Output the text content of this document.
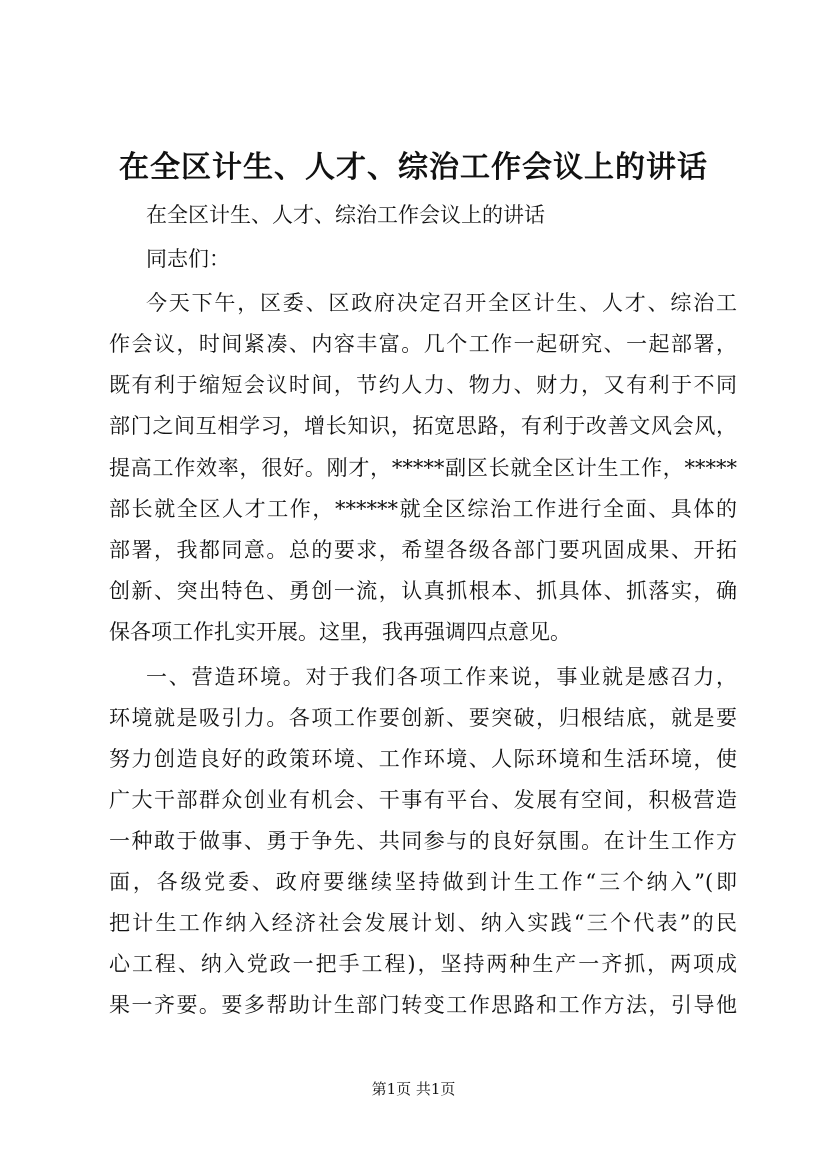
在全区计生、人才、综治工作会议上的讲话

在全区计生、人才、综治工作会议上的讲话

同志们：

今天下午，区委、区政府决定召开全区计生、人才、综治工

作会议，时间紧凑、内容丰富。几个工作一起研究、一起部署，

既有利于缩短会议时间，节约人力、物力、财力，又有利于不同

部门之间互相学习，增长知识，拓宽思路，有利于改善文风会风，

提高工作效率，很好。刚才，*****副区长就全区计生工作，*****

部长就全区人才工作，******就全区综治工作进行全面、具体的

部署，我都同意。总的要求，希望各级各部门要巩固成果、开拓

创新、突出特色、勇创一流，认真抓根本、抓具体、抓落实，确

保各项工作扎实开展。这里，我再强调四点意见。

一、营造环境。对于我们各项工作来说，事业就是感召力，

环境就是吸引力。各项工作要创新、要突破，归根结底，就是要

努力创造良好的政策环境、工作环境、人际环境和生活环境，使

广大干部群众创业有机会、干事有平台、发展有空间，积极营造

一种敢于做事、勇于争先、共同参与的良好氛围。在计生工作方

面，各级党委、政府要继续坚持做到计生工作“三个纳入”(即

把计生工作纳入经济社会发展计划、纳入实践“三个代表”的民

心工程、纳入党政一把手工程)，坚持两种生产一齐抓，两项成

果一齐要。要多帮助计生部门转变工作思路和工作方法，引导他

第1页 共1页
